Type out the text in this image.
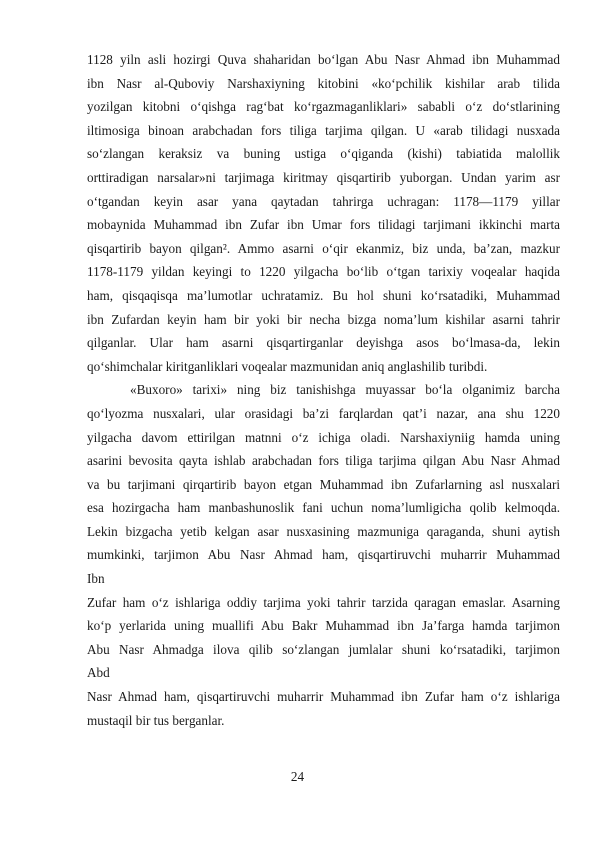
1128 yiln asli hozirgi Quva shaharidan bo‘lgan Abu Nasr Ahmad ibn Muhammad
ibn Nasr al-Quboviy Narshaxiyning kitobini «ko‘pchilik kishilar arab tilida
yozilgan kitobni o‘qishga rag‘bat ko‘rgazmaganliklari» sababli o‘z do‘stlarining
iltimosiga binoan arabchadan fors tiliga tarjima qilgan. U «arab tilidagi nusxada
so‘zlangan keraksiz va buning ustiga o‘qiganda (kishi) tabiatida malollik
orttiradigan narsalar»ni tarjimaga kiritmay qisqartirib yuborgan. Undan yarim asr
o‘tgandan keyin asar yana qaytadan tahrirga uchragan: 1178—1179 yillar
mobaynida Muhammad ibn Zufar ibn Umar fors tilidagi tarjimani ikkinchi marta
qisqartirib bayon qilgan². Ammo asarni o‘qir ekanmiz, biz unda, ba’zan, mazkur
1178-1179 yildan keyingi to 1220 yilgacha bo‘lib o‘tgan tarixiy voqealar haqida
ham, qisqaqisqa ma’lumotlar uchratamiz. Bu hol shuni ko‘rsatadiki, Muhammad
ibn Zufardan keyin ham bir yoki bir necha bizga noma’lum kishilar asarni tahrir
qilganlar. Ular ham asarni qisqartirganlar deyishga asos bo‘lmasa-da, lekin
qo‘shimchalar kiritganliklari voqealar mazmunidan aniq anglashilib turibdi.
«Buxoro» tarixi» ning biz tanishishga muyassar bo‘la olganimiz barcha
qo‘lyozma nusxalari, ular orasidagi ba’zi farqlardan qat’i nazar, ana shu 1220
yilgacha davom ettirilgan matnni o‘z ichiga oladi. Narshaxiyniig hamda uning
asarini bevosita qayta ishlab arabchadan fors tiliga tarjima qilgan Abu Nasr Ahmad
va bu tarjimani qirqartirib bayon etgan Muhammad ibn Zufarlarning asl nusxalari
esa hozirgacha ham manbashunoslik fani uchun noma’lumligicha qolib kelmoqda.
Lekin bizgacha yetib kelgan asar nusxasining mazmuniga qaraganda, shuni aytish
mumkinki, tarjimon Abu Nasr Ahmad ham, qisqartiruvchi muharrir Muhammad
Ibn
Zufar ham o‘z ishlariga oddiy tarjima yoki tahrir tarzida qaragan emaslar. Asarning
ko‘p yerlarida uning muallifi Abu Bakr Muhammad ibn Ja’farga hamda tarjimon
Abu Nasr Ahmadga ilova qilib so‘zlangan jumlalar shuni ko‘rsatadiki, tarjimon
Abd
Nasr Ahmad ham, qisqartiruvchi muharrir Muhammad ibn Zufar ham o‘z ishlariga
mustaqil bir tus berganlar.
24
